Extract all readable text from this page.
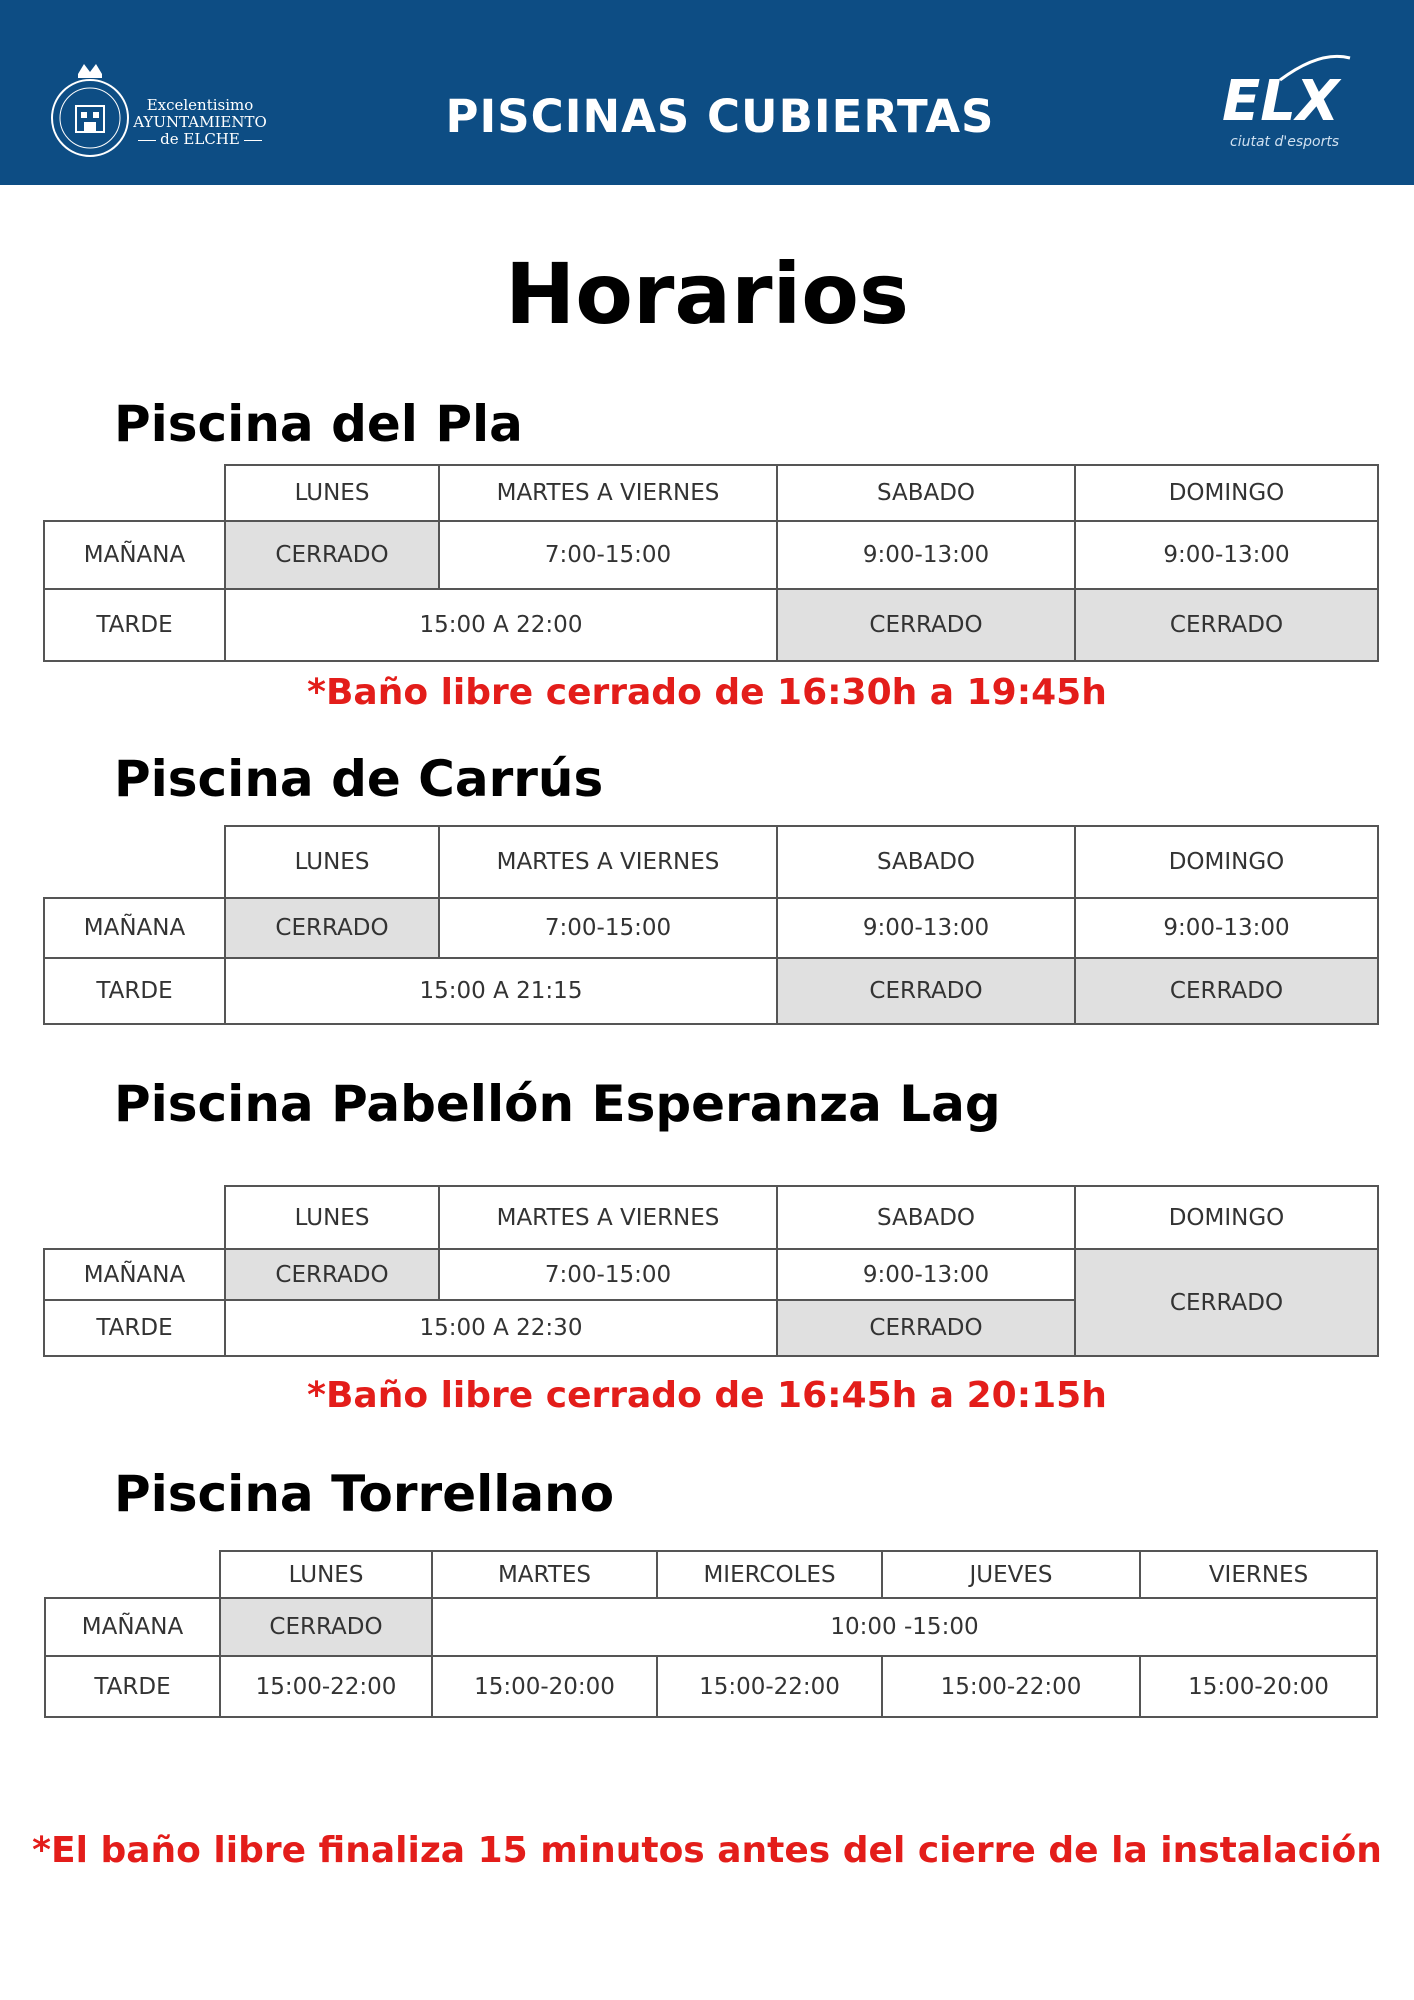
Excelentisimo
AYUNTAMIENTO
de ELCHE	PISCINAS CUBIERTAS	ELX
ciutat d'esports
Horarios
Piscina del Pla
	LUNES	MARTES A VIERNES	SABADO	DOMINGO
MAÑANA	CERRADO	7:00-15:00	9:00-13:00	9:00-13:00
TARDE	15:00 A 22:00		CERRADO	CERRADO
*Baño libre cerrado de 16:30h a 19:45h
Piscina de Carrús
	LUNES	MARTES A VIERNES	SABADO	DOMINGO
MAÑANA	CERRADO	7:00-15:00	9:00-13:00	9:00-13:00
TARDE	15:00 A 21:15		CERRADO	CERRADO
Piscina Pabellón Esperanza Lag
	LUNES	MARTES A VIERNES	SABADO	DOMINGO
MAÑANA	CERRADO	7:00-15:00	9:00-13:00	CERRADO
TARDE	15:00 A 22:30		CERRADO	
*Baño libre cerrado de 16:45h a 20:15h
Piscina Torrellano
	LUNES	MARTES	MIERCOLES	JUEVES	VIERNES
MAÑANA	CERRADO	10:00 -15:00			
TARDE	15:00-22:00	15:00-20:00	15:00-22:00	15:00-22:00	15:00-20:00
*El baño libre finaliza 15 minutos antes del cierre de la instalación
